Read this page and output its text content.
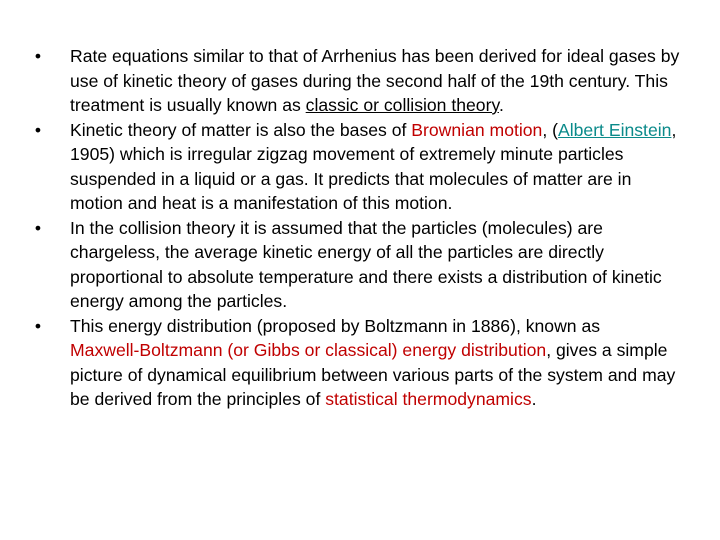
•	Rate equations similar to that of Arrhenius has been derived for ideal gases by use of kinetic theory of gases during the second half of the 19th century. This treatment is usually known as classic or collision theory.
•	Kinetic theory of matter is also the bases of Brownian motion, (Albert Einstein, 1905) which is irregular zigzag movement of extremely minute particles suspended in a liquid or a gas. It predicts that molecules of matter are in motion and heat is a manifestation of this motion.
•	In the collision theory it is assumed that the particles (molecules) are chargeless, the average kinetic energy of all the particles are directly proportional to absolute temperature and there exists a distribution of kinetic energy among the particles.
•	This energy distribution (proposed by Boltzmann in 1886), known as Maxwell‑Boltzmann (or Gibbs or classical) energy distribution, gives a simple picture of dynamical equilibrium between various parts of the system and may be derived from the principles of statistical thermodynamics.
